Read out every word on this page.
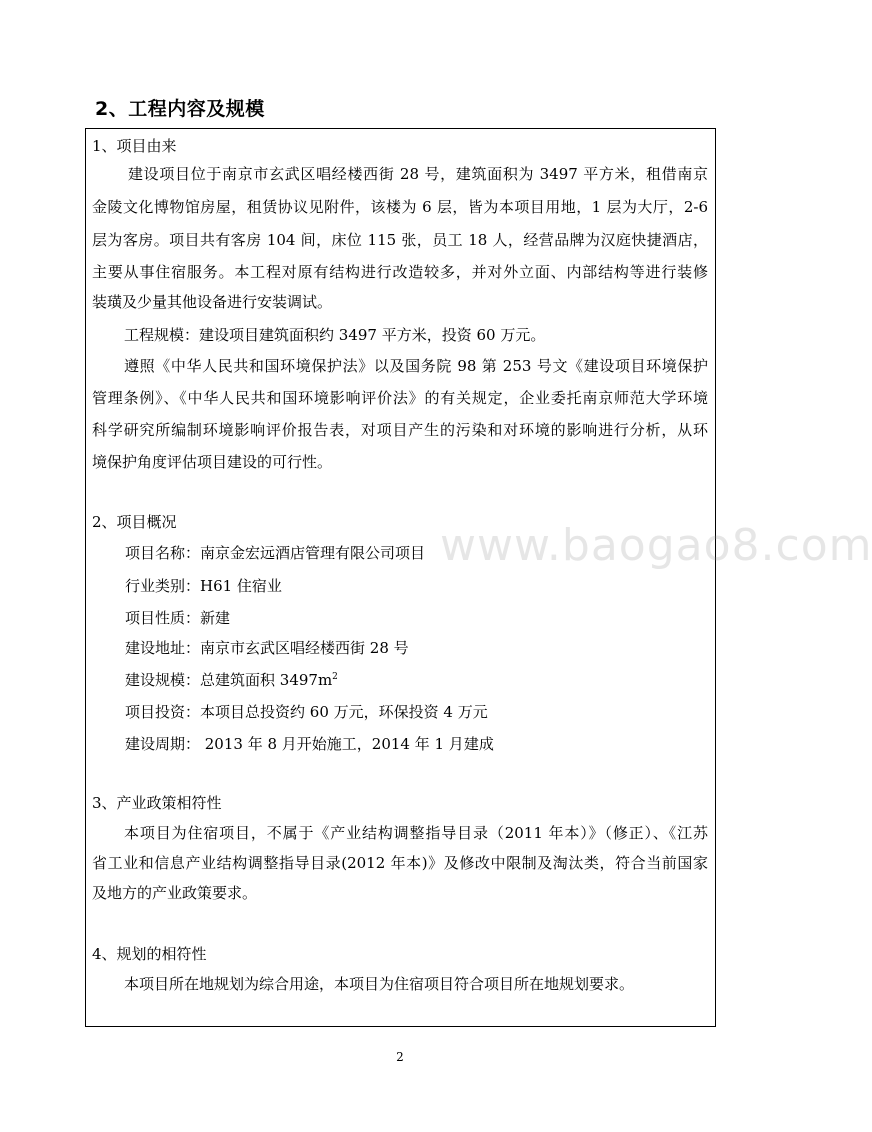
2、工程内容及规模
1、项目由来
建设项目位于南京市玄武区唱经楼西街 28 号，建筑面积为 3497 平方米，租借南京
金陵文化博物馆房屋，租赁协议见附件，该楼为 6 层，皆为本项目用地，1 层为大厅，2-6
层为客房。项目共有客房 104 间，床位 115 张，员工 18 人，经营品牌为汉庭快捷酒店，
主要从事住宿服务。本工程对原有结构进行改造较多，并对外立面、内部结构等进行装修
装璜及少量其他设备进行安装调试。
工程规模：建设项目建筑面积约 3497 平方米，投资 60 万元。
遵照《中华人民共和国环境保护法》以及国务院 98 第 253 号文《建设项目环境保护
管理条例》、《中华人民共和国环境影响评价法》的有关规定，企业委托南京师范大学环境
科学研究所编制环境影响评价报告表，对项目产生的污染和对环境的影响进行分析，从环
境保护角度评估项目建设的可行性。
2、项目概况
项目名称：南京金宏远酒店管理有限公司项目
行业类别：H61 住宿业
项目性质：新建
建设地址：南京市玄武区唱经楼西街 28 号
建设规模：总建筑面积 $3497m^2$
项目投资：本项目总投资约 60 万元，环保投资 4 万元
建设周期： 2013 年 8 月开始施工，2014 年 1 月建成
3、产业政策相符性
本项目为住宿项目，不属于《产业结构调整指导目录（2011 年本）》（修正）、《江苏
省工业和信息产业结构调整指导目录(2012 年本)》及修改中限制及淘汰类，符合当前国家
及地方的产业政策要求。
4、规划的相符性
本项目所在地规划为综合用途，本项目为住宿项目符合项目所在地规划要求。
www.baogao8.com
2
